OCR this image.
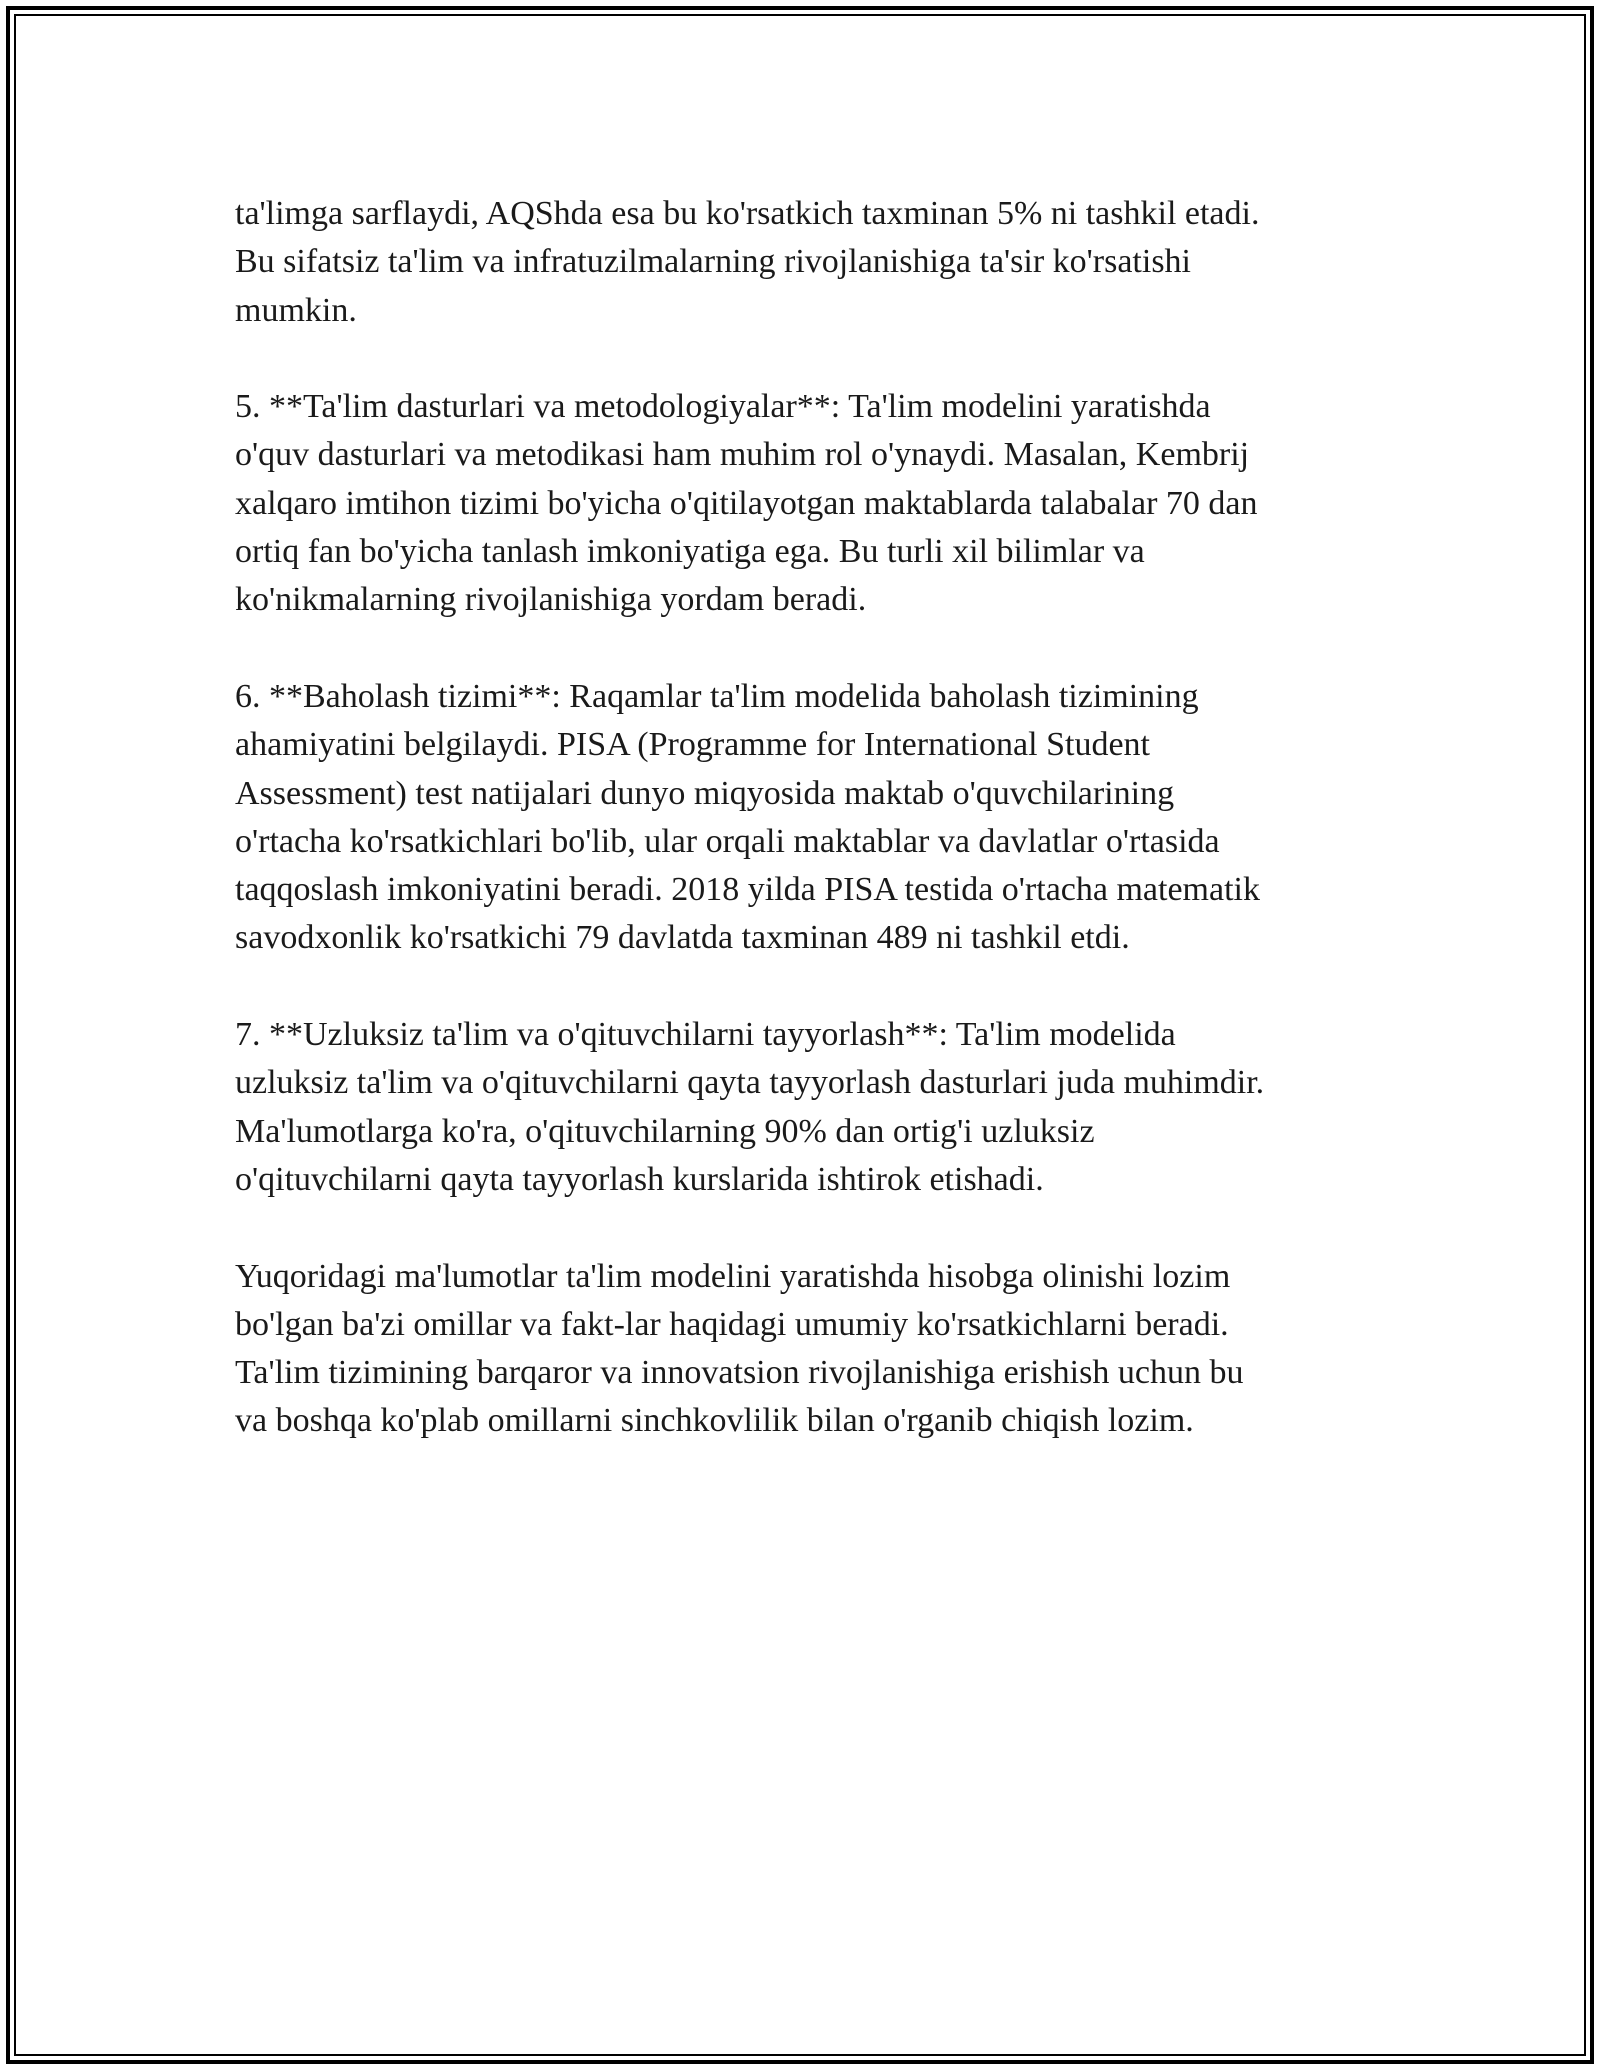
ta'limga sarflaydi, AQShda esa bu ko'rsatkich taxminan 5% ni tashkil etadi.
Bu sifatsiz ta'lim va infratuzilmalarning rivojlanishiga ta'sir ko'rsatishi
mumkin.

5. **Ta'lim dasturlari va metodologiyalar**: Ta'lim modelini yaratishda
o'quv dasturlari va metodikasi ham muhim rol o'ynaydi. Masalan, Kembrij
xalqaro imtihon tizimi bo'yicha o'qitilayotgan maktablarda talabalar 70 dan
ortiq fan bo'yicha tanlash imkoniyatiga ega. Bu turli xil bilimlar va
ko'nikmalarning rivojlanishiga yordam beradi.

6. **Baholash tizimi**: Raqamlar ta'lim modelida baholash tizimining
ahamiyatini belgilaydi. PISA (Programme for International Student
Assessment) test natijalari dunyo miqyosida maktab o'quvchilarining
o'rtacha ko'rsatkichlari bo'lib, ular orqali maktablar va davlatlar o'rtasida
taqqoslash imkoniyatini beradi. 2018 yilda PISA testida o'rtacha matematik
savodxonlik ko'rsatkichi 79 davlatda taxminan 489 ni tashkil etdi.

7. **Uzluksiz ta'lim va o'qituvchilarni tayyorlash**: Ta'lim modelida
uzluksiz ta'lim va o'qituvchilarni qayta tayyorlash dasturlari juda muhimdir.
Ma'lumotlarga ko'ra, o'qituvchilarning 90% dan ortig'i uzluksiz
o'qituvchilarni qayta tayyorlash kurslarida ishtirok etishadi.

Yuqoridagi ma'lumotlar ta'lim modelini yaratishda hisobga olinishi lozim
bo'lgan ba'zi omillar va fakt-lar haqidagi umumiy ko'rsatkichlarni beradi.
Ta'lim tizimining barqaror va innovatsion rivojlanishiga erishish uchun bu
va boshqa ko'plab omillarni sinchkovlilik bilan o'rganib chiqish lozim.
